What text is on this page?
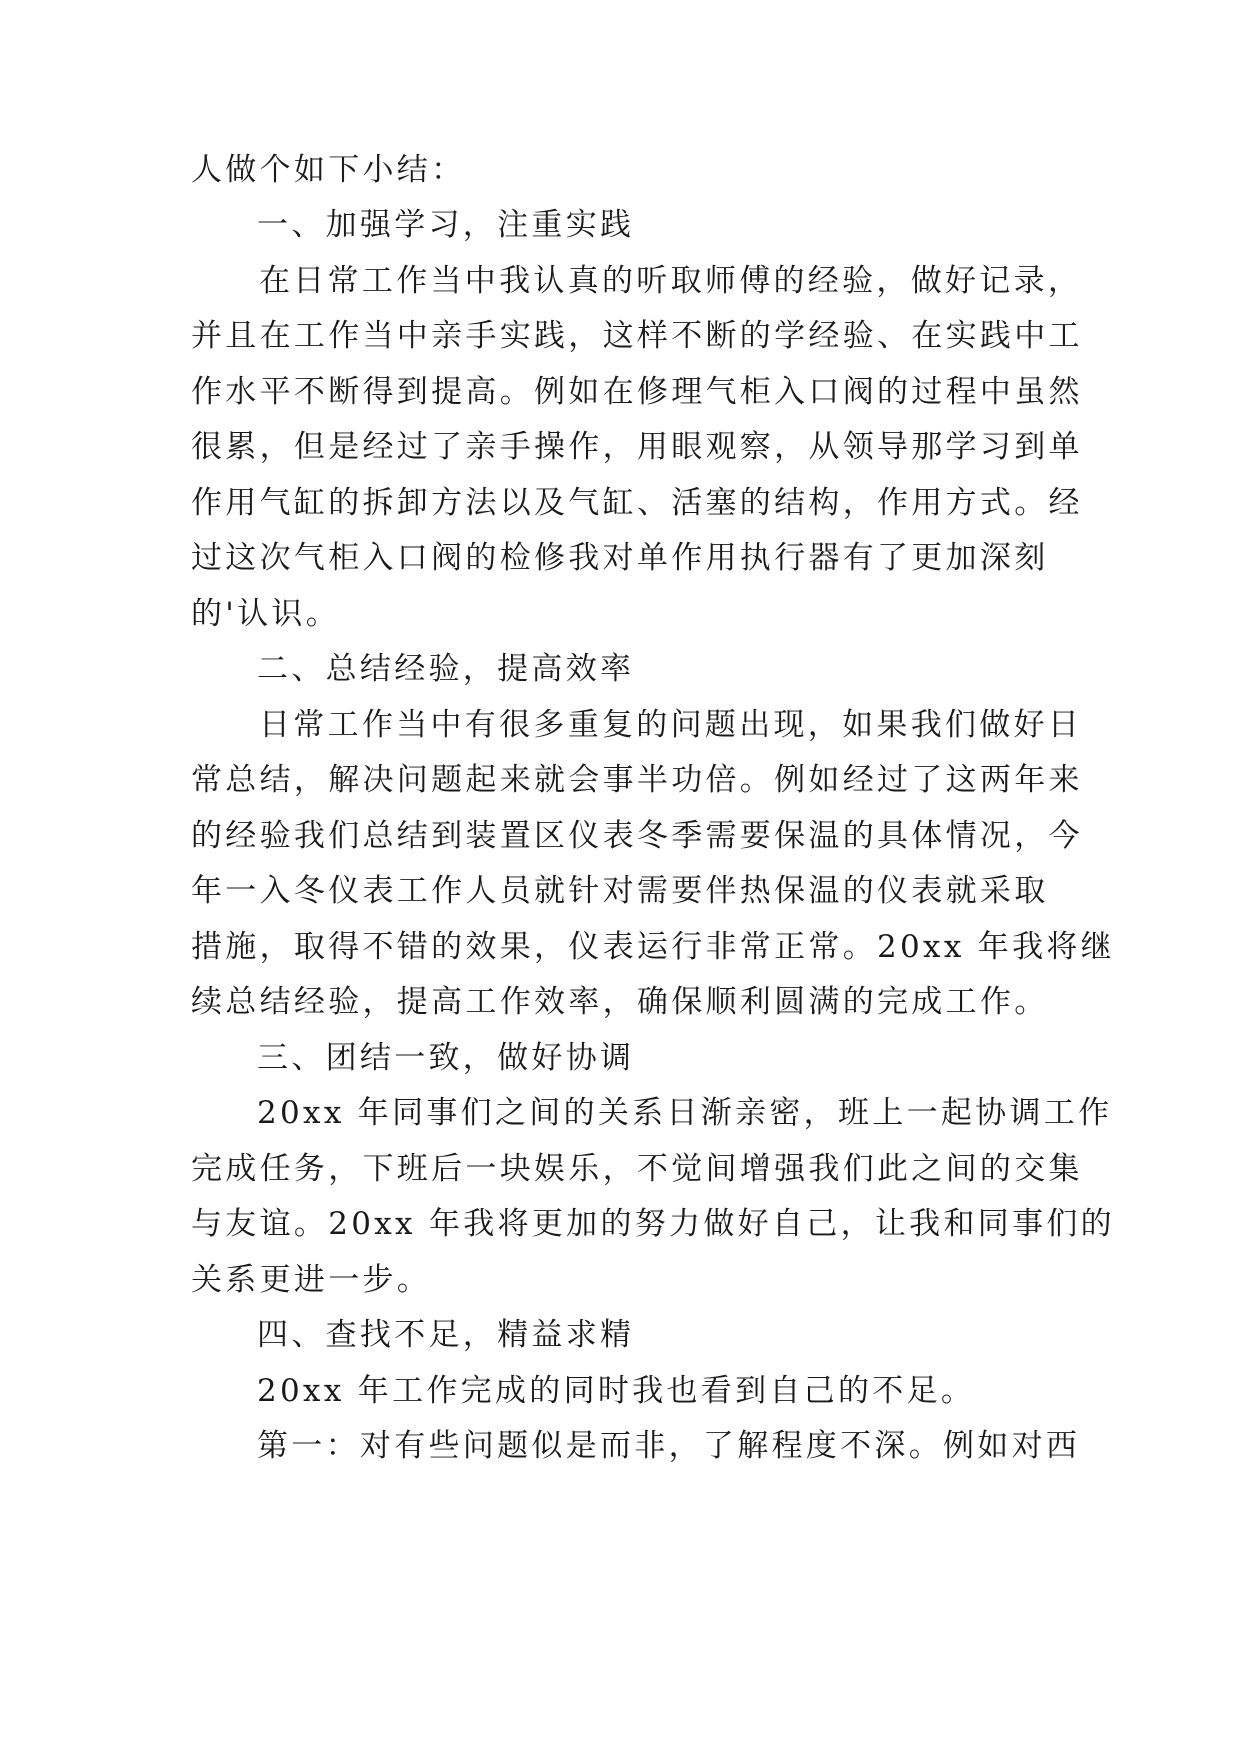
人做个如下小结：
一、加强学习，注重实践
在日常工作当中我认真的听取师傅的经验，做好记录，
并且在工作当中亲手实践，这样不断的学经验、在实践中工
作水平不断得到提高。例如在修理气柜入口阀的过程中虽然
很累，但是经过了亲手操作，用眼观察，从领导那学习到单
作用气缸的拆卸方法以及气缸、活塞的结构，作用方式。经
过这次气柜入口阀的检修我对单作用执行器有了更加深刻
的'认识。
二、总结经验，提高效率
日常工作当中有很多重复的问题出现，如果我们做好日
常总结，解决问题起来就会事半功倍。例如经过了这两年来
的经验我们总结到装置区仪表冬季需要保温的具体情况，今
年一入冬仪表工作人员就针对需要伴热保温的仪表就采取
措施，取得不错的效果，仪表运行非常正常。20xx 年我将继
续总结经验，提高工作效率，确保顺利圆满的完成工作。
三、团结一致，做好协调
20xx 年同事们之间的关系日渐亲密，班上一起协调工作
完成任务，下班后一块娱乐，不觉间增强我们此之间的交集
与友谊。20xx 年我将更加的努力做好自己，让我和同事们的
关系更进一步。
四、查找不足，精益求精
20xx 年工作完成的同时我也看到自己的不足。
第一：对有些问题似是而非，了解程度不深。例如对西
